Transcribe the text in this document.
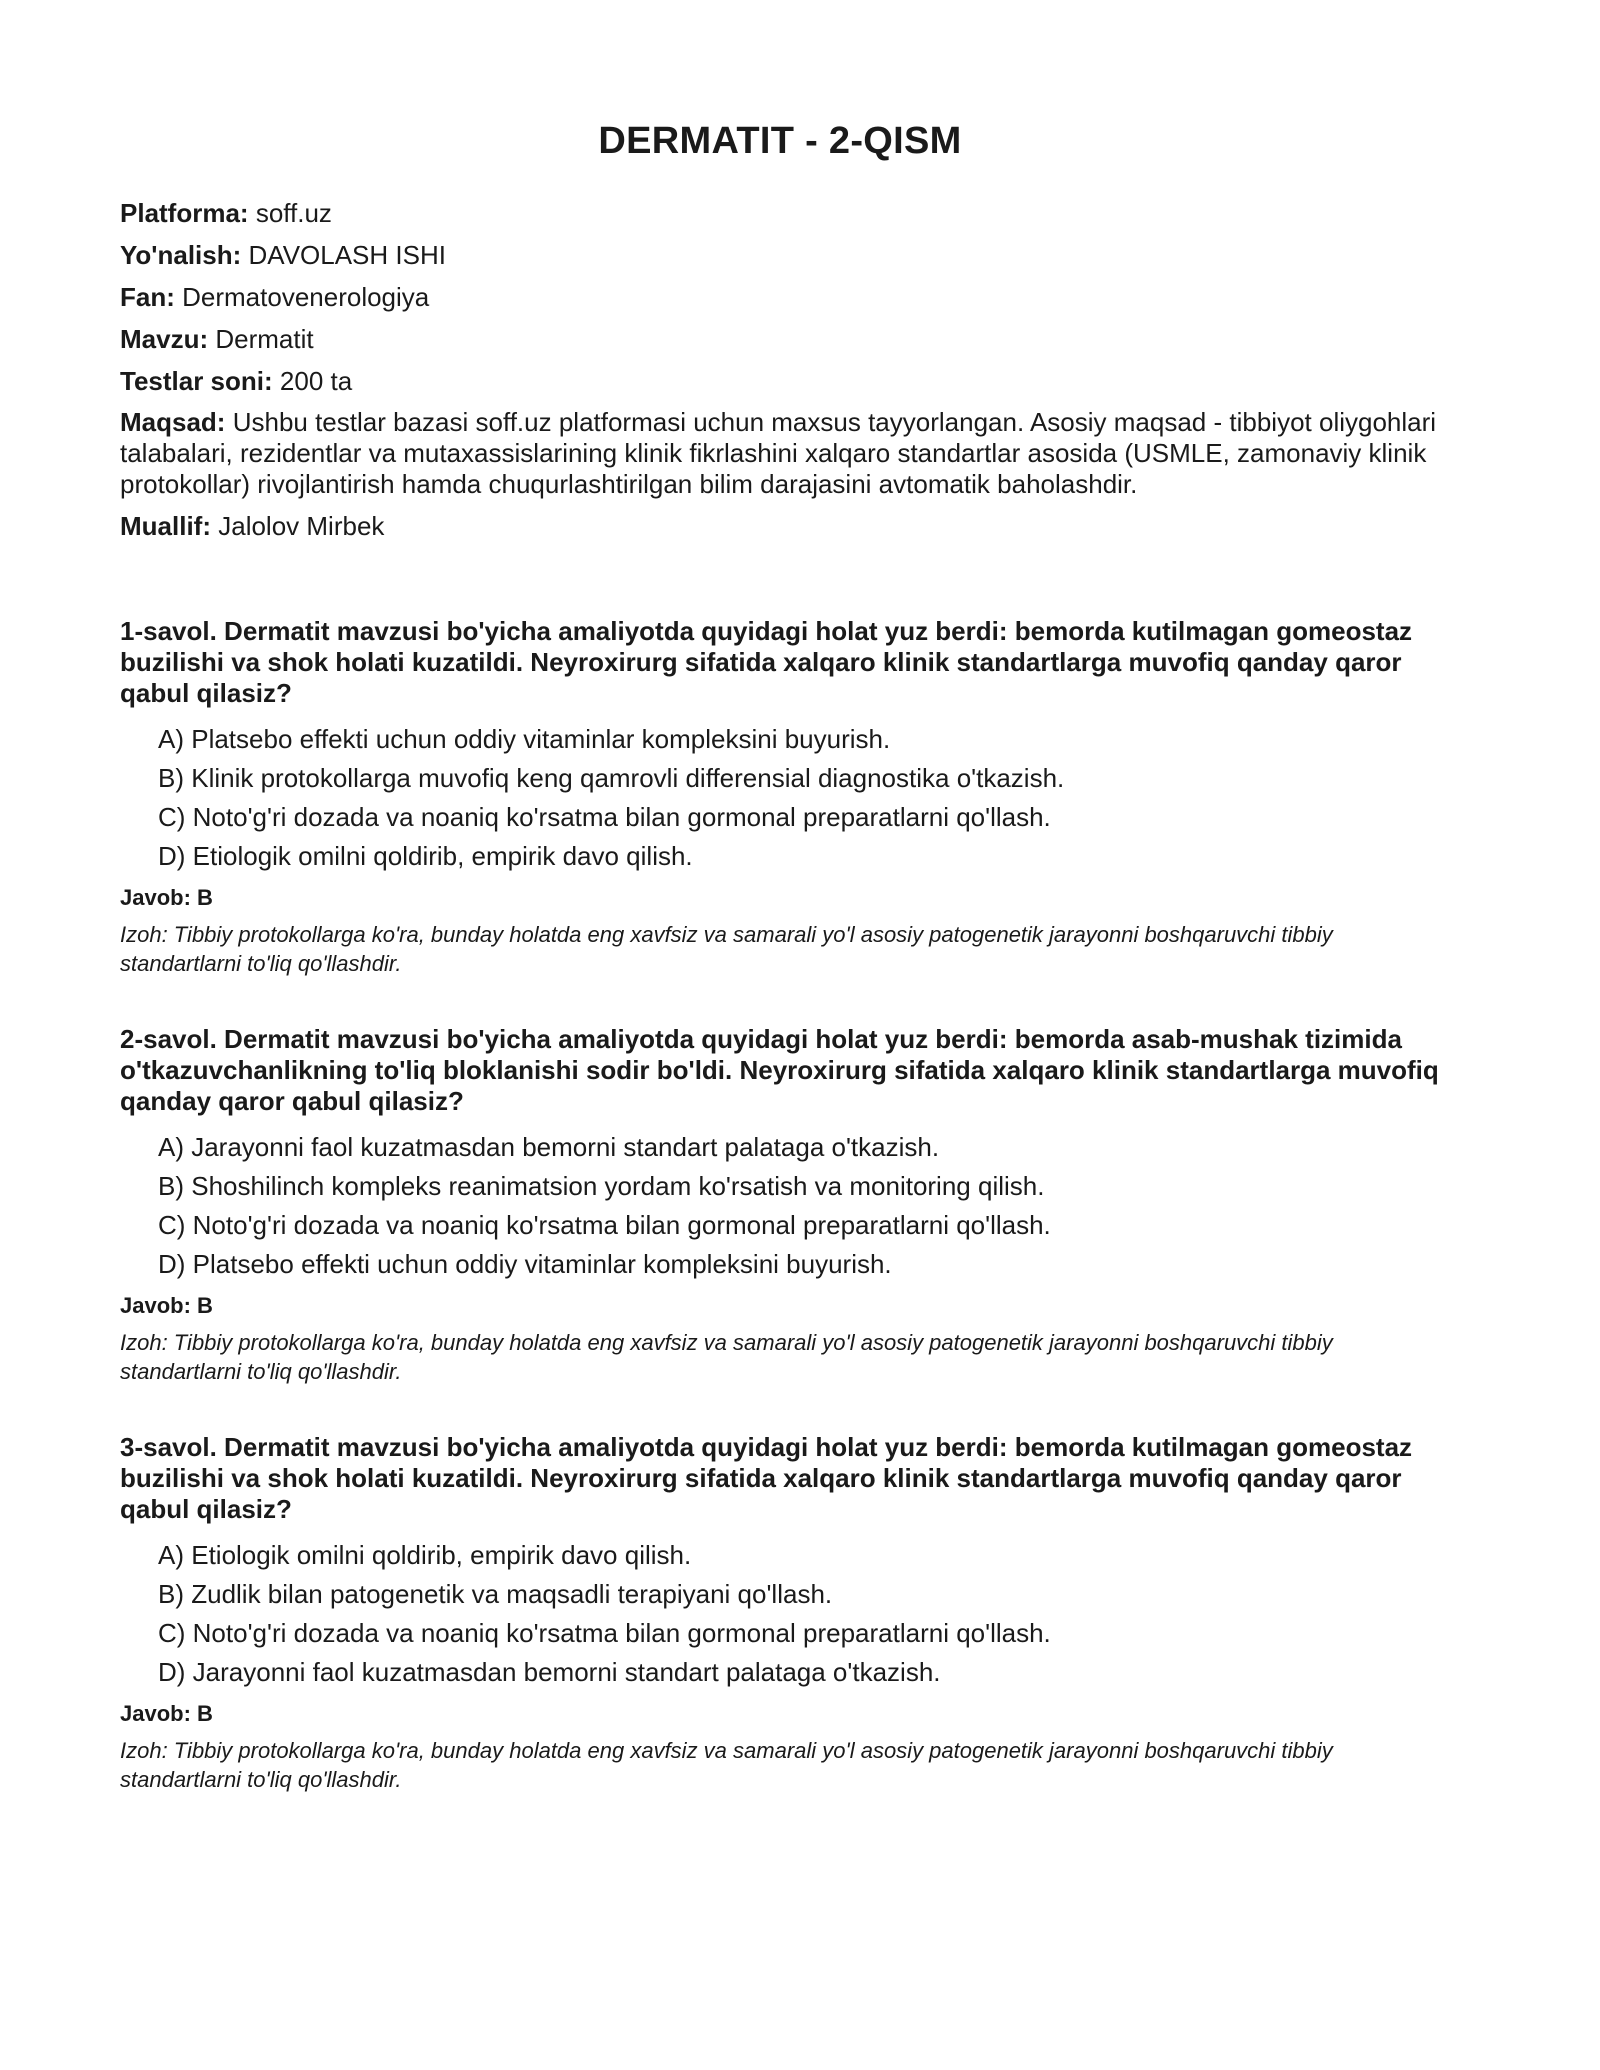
DERMATIT - 2-QISM

Platforma: soff.uz

Yo'nalish: DAVOLASH ISHI

Fan: Dermatovenerologiya

Mavzu: Dermatit

Testlar soni: 200 ta

Maqsad: Ushbu testlar bazasi soff.uz platformasi uchun maxsus tayyorlangan. Asosiy maqsad - tibbiyot oliygohlari talabalari, rezidentlar va mutaxassislarining klinik fikrlashini xalqaro standartlar asosida (USMLE, zamonaviy klinik protokollar) rivojlantirish hamda chuqurlashtirilgan bilim darajasini avtomatik baholashdir.

Muallif: Jalolov Mirbek

1-savol. Dermatit mavzusi bo'yicha amaliyotda quyidagi holat yuz berdi: bemorda kutilmagan gomeostaz buzilishi va shok holati kuzatildi. Neyroxirurg sifatida xalqaro klinik standartlarga muvofiq qanday qaror qabul qilasiz?

A) Platsebo effekti uchun oddiy vitaminlar kompleksini buyurish.

B) Klinik protokollarga muvofiq keng qamrovli differensial diagnostika o'tkazish.

C) Noto'g'ri dozada va noaniq ko'rsatma bilan gormonal preparatlarni qo'llash.

D) Etiologik omilni qoldirib, empirik davo qilish.

Javob: B

Izoh: Tibbiy protokollarga ko'ra, bunday holatda eng xavfsiz va samarali yo'l asosiy patogenetik jarayonni boshqaruvchi tibbiy standartlarni to'liq qo'llashdir.

2-savol. Dermatit mavzusi bo'yicha amaliyotda quyidagi holat yuz berdi: bemorda asab-mushak tizimida o'tkazuvchanlikning to'liq bloklanishi sodir bo'ldi. Neyroxirurg sifatida xalqaro klinik standartlarga muvofiq qanday qaror qabul qilasiz?

A) Jarayonni faol kuzatmasdan bemorni standart palataga o'tkazish.

B) Shoshilinch kompleks reanimatsion yordam ko'rsatish va monitoring qilish.

C) Noto'g'ri dozada va noaniq ko'rsatma bilan gormonal preparatlarni qo'llash.

D) Platsebo effekti uchun oddiy vitaminlar kompleksini buyurish.

Javob: B

Izoh: Tibbiy protokollarga ko'ra, bunday holatda eng xavfsiz va samarali yo'l asosiy patogenetik jarayonni boshqaruvchi tibbiy standartlarni to'liq qo'llashdir.

3-savol. Dermatit mavzusi bo'yicha amaliyotda quyidagi holat yuz berdi: bemorda kutilmagan gomeostaz buzilishi va shok holati kuzatildi. Neyroxirurg sifatida xalqaro klinik standartlarga muvofiq qanday qaror qabul qilasiz?

A) Etiologik omilni qoldirib, empirik davo qilish.

B) Zudlik bilan patogenetik va maqsadli terapiyani qo'llash.

C) Noto'g'ri dozada va noaniq ko'rsatma bilan gormonal preparatlarni qo'llash.

D) Jarayonni faol kuzatmasdan bemorni standart palataga o'tkazish.

Javob: B

Izoh: Tibbiy protokollarga ko'ra, bunday holatda eng xavfsiz va samarali yo'l asosiy patogenetik jarayonni boshqaruvchi tibbiy standartlarni to'liq qo'llashdir.
